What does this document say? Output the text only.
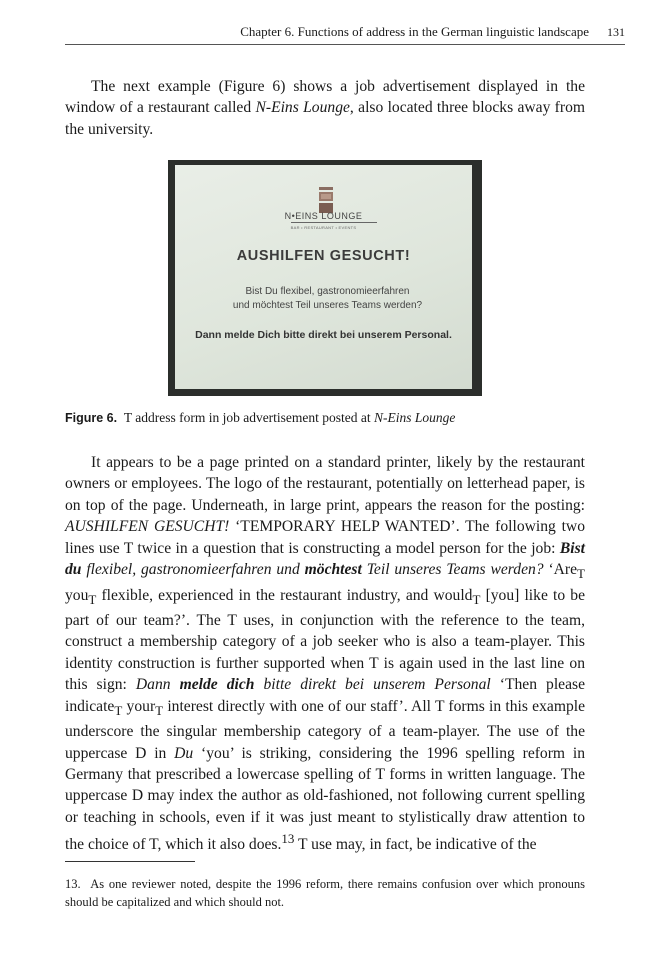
Chapter 6. Functions of address in the German linguistic landscape 131

The next example (Figure 6) shows a job advertisement displayed in the window of a restaurant called N-Eins Lounge, also located three blocks away from the university.

N•EINS LOUNGE
BAR • RESTAURANT • EVENTS
AUSHILFEN GESUCHT!
Bist Du flexibel, gastronomieerfahren
und möchtest Teil unseres Teams werden?
Dann melde Dich bitte direkt bei unserem Personal.
Figure 6. T address form in job advertisement posted at N-Eins Lounge

It appears to be a page printed on a standard printer, likely by the restaurant owners or employees. The logo of the restaurant, potentially on letterhead paper, is on top of the page. Underneath, in large print, appears the reason for the posting: AUSHILFEN GESUCHT! ‘TEMPORARY HELP WANTED’. The following two lines use T twice in a question that is constructing a model person for the job: Bist du flexibel, gastronomieerfahren und möchtest Teil unseres Teams werden? ‘Are$_T$ you$_T$ flexible, experienced in the restaurant industry, and would$_T$ [you] like to be part of our team?’. The T uses, in conjunction with the reference to the team, construct a membership category of a job seeker who is also a team-player. This identity construction is further supported when T is again used in the last line on this sign: Dann melde dich bitte direkt bei unserem Personal ‘Then please indicate$_T$ your$_T$ interest directly with one of our staff’. All T forms in this example underscore the singular membership category of a team-player. The use of the uppercase D in Du ‘you’ is striking, considering the 1996 spelling reform in Germany that prescribed a lowercase spelling of T forms in written language. The uppercase D may index the author as old-fashioned, not following current spelling or teaching in schools, even if it was just meant to stylistically draw attention to the choice of T, which it also does.$^{13}$ T use may, in fact, be indicative of the

13. As one reviewer noted, despite the 1996 reform, there remains confusion over which pronouns should be capitalized and which should not.
